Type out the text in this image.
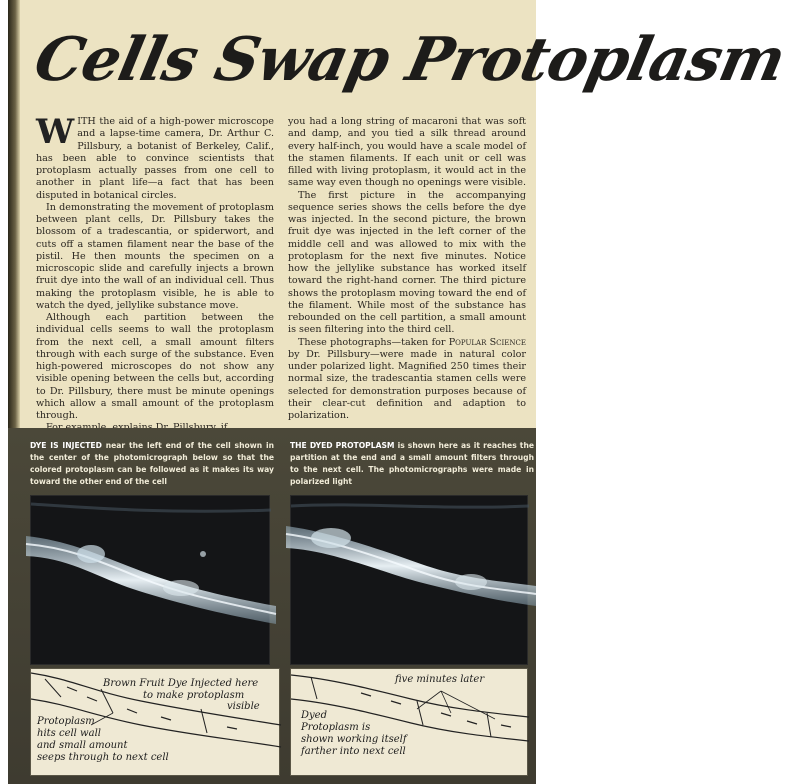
Cells Swap Protoplasm

WITH the aid of a high-power microscope and a lapse-time camera, Dr. Arthur C. Pillsbury, a botanist of Berkeley, Calif., has been able to convince scientists that protoplasm actually passes from one cell to another in plant life—a fact that has been disputed in botanical circles.

In demonstrating the movement of protoplasm between plant cells, Dr. Pillsbury takes the blossom of a tradescantia, or spiderwort, and cuts off a stamen filament near the base of the pistil. He then mounts the specimen on a microscopic slide and carefully injects a brown fruit dye into the wall of an individual cell. Thus making the protoplasm visible, he is able to watch the dyed, jellylike substance move.

Although each partition between the individual cells seems to wall the protoplasm from the next cell, a small amount filters through with each surge of the substance. Even high-powered microscopes do not show any visible opening between the cells but, according to Dr. Pillsbury, there must be minute openings which allow a small amount of the protoplasm through.

you had a long string of macaroni that was soft and damp, and you tied a silk thread around every half-inch, you would have a scale model of the stamen filaments. If each unit or cell was filled with living protoplasm, it would act in the same way even though no openings were visible.

The first picture in the accompanying sequence series shows the cells before the dye was injected. In the second picture, the brown fruit dye was injected in the left corner of the middle cell and was allowed to mix with the protoplasm for the next five minutes. Notice how the jellylike substance has worked itself toward the right-hand corner. The third picture shows the protoplasm moving toward the end of the filament. While most of the substance has rebounded on the cell partition, a small amount is seen filtering into the third cell.

These photographs—taken for Popular Science by Dr. Pillsbury—were made in natural color under polarized light. Magnified 250 times their normal size, the tradescantia stamen cells were selected for demonstration purposes because of their clear-cut definition and adaption to polarization.

DYE IS INJECTED near the left end of the cell shown in the center of the photomicrograph below so that the colored protoplasm can be followed as it makes its way toward the other end of the cell
THE DYED PROTOPLASM is shown here as it reaches the partition at the end and a small amount filters through to the next cell. The photomicrographs were made in polarized light
Brown Fruit Dye Injected here
to make protoplasm
visible
Protoplasm
hits cell wall
and small amount
seeps through to next cell
five minutes later
Dyed
Protoplasm is
shown working itself
farther into next cell
